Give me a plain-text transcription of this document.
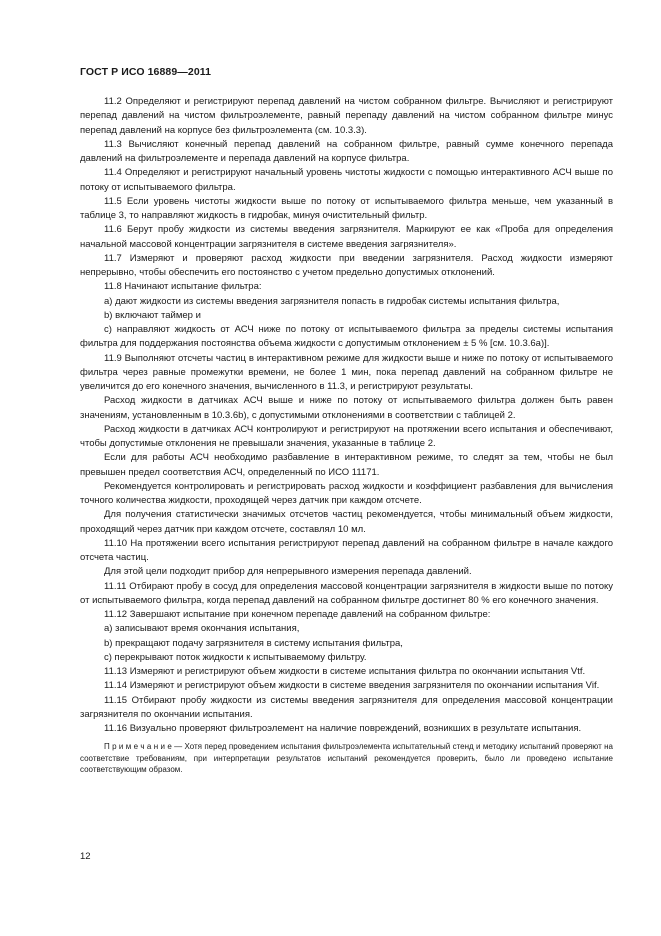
ГОСТ Р ИСО 16889—2011

11.2 Определяют и регистрируют перепад давлений на чистом собранном фильтре. Вычисляют и регистрируют перепад давлений на чистом фильтроэлементе, равный перепаду давлений на чистом собранном фильтре минус перепад давлений на корпусе без фильтроэлемента (см. 10.3.3).

11.3 Вычисляют конечный перепад давлений на собранном фильтре, равный сумме конечного перепада давлений на фильтроэлементе и перепада давлений на корпусе фильтра.

11.4 Определяют и регистрируют начальный уровень чистоты жидкости с помощью интерактивного АСЧ выше по потоку от испытываемого фильтра.

11.5 Если уровень чистоты жидкости выше по потоку от испытываемого фильтра меньше, чем указанный в таблице 3, то направляют жидкость в гидробак, минуя очистительный фильтр.

11.6 Берут пробу жидкости из системы введения загрязнителя. Маркируют ее как «Проба для определения начальной массовой концентрации загрязнителя в системе введения загрязнителя».

11.7 Измеряют и проверяют расход жидкости при введении загрязнителя. Расход жидкости измеряют непрерывно, чтобы обеспечить его постоянство с учетом предельно допустимых отклонений.

11.8 Начинают испытание фильтра:

a) дают жидкости из системы введения загрязнителя попасть в гидробак системы испытания фильтра,

b) включают таймер и

c) направляют жидкость от АСЧ ниже по потоку от испытываемого фильтра за пределы системы испытания фильтра для поддержания постоянства объема жидкости с допустимым отклонением ± 5 % [см. 10.3.6a)].

11.9 Выполняют отсчеты частиц в интерактивном режиме для жидкости выше и ниже по потоку от испытываемого фильтра через равные промежутки времени, не более 1 мин, пока перепад давлений на собранном фильтре не увеличится до его конечного значения, вычисленного в 11.3, и регистрируют результаты.

Расход жидкости в датчиках АСЧ выше и ниже по потоку от испытываемого фильтра должен быть равен значениям, установленным в 10.3.6b), с допустимыми отклонениями в соответствии с таблицей 2.

Расход жидкости в датчиках АСЧ контролируют и регистрируют на протяжении всего испытания и обеспечивают, чтобы допустимые отклонения не превышали значения, указанные в таблице 2.

Если для работы АСЧ необходимо разбавление в интерактивном режиме, то следят за тем, чтобы не был превышен предел соответствия АСЧ, определенный по ИСО 11171.

Рекомендуется контролировать и регистрировать расход жидкости и коэффициент разбавления для вычисления точного количества жидкости, проходящей через датчик при каждом отсчете.

Для получения статистически значимых отсчетов частиц рекомендуется, чтобы минимальный объем жидкости, проходящий через датчик при каждом отсчете, составлял 10 мл.

11.10 На протяжении всего испытания регистрируют перепад давлений на собранном фильтре в начале каждого отсчета частиц.

Для этой цели подходит прибор для непрерывного измерения перепада давлений.

11.11 Отбирают пробу в сосуд для определения массовой концентрации загрязнителя в жидкости выше по потоку от испытываемого фильтра, когда перепад давлений на собранном фильтре достигнет 80 % его конечного значения.

11.12 Завершают испытание при конечном перепаде давлений на собранном фильтре:

a) записывают время окончания испытания,

b) прекращают подачу загрязнителя в систему испытания фильтра,

c) перекрывают поток жидкости к испытываемому фильтру.

11.13 Измеряют и регистрируют объем жидкости в системе испытания фильтра по окончании испытания Vtf.

11.14 Измеряют и регистрируют объем жидкости в системе введения загрязнителя по окончании испытания Vif.

11.15 Отбирают пробу жидкости из системы введения загрязнителя для определения массовой концентрации загрязнителя по окончании испытания.

11.16 Визуально проверяют фильтроэлемент на наличие повреждений, возникших в результате испытания.

П р и м е ч а н и е — Хотя перед проведением испытания фильтроэлемента испытательный стенд и методику испытаний проверяют на соответствие требованиям, при интерпретации результатов испытаний рекомендуется проверить, было ли проведено испытание соответствующим образом.

12
